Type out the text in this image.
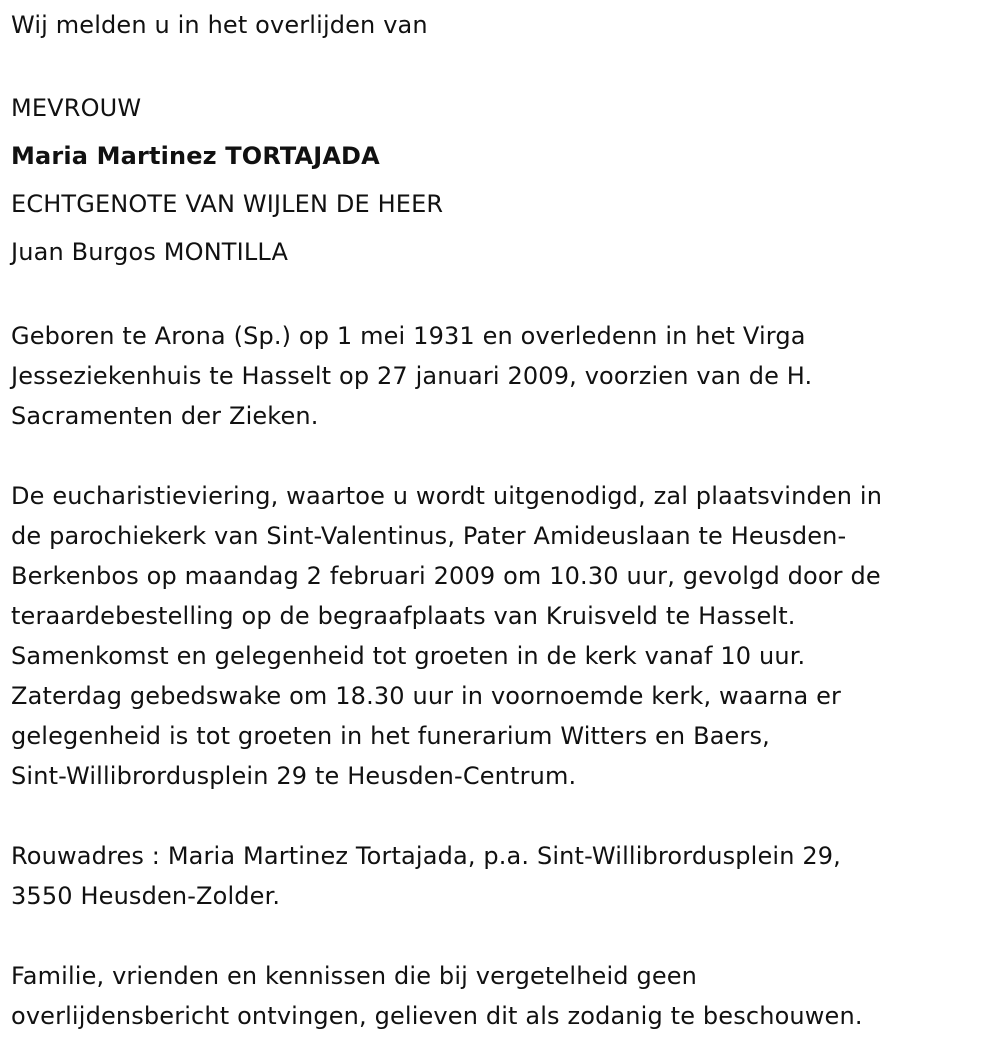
Wij melden u in het overlijden van
MEVROUW
Maria Martinez TORTAJADA
ECHTGENOTE VAN WIJLEN DE HEER
Juan Burgos MONTILLA
Geboren te Arona (Sp.) op 1 mei 1931 en overledenn in het Virga
Jesseziekenhuis te Hasselt op 27 januari 2009, voorzien van de H.
Sacramenten der Zieken.
De eucharistieviering, waartoe u wordt uitgenodigd, zal plaatsvinden in
de parochiekerk van Sint-Valentinus, Pater Amideuslaan te Heusden-
Berkenbos op maandag 2 februari 2009 om 10.30 uur, gevolgd door de
teraardebestelling op de begraafplaats van Kruisveld te Hasselt.
Samenkomst en gelegenheid tot groeten in de kerk vanaf 10 uur.
Zaterdag gebedswake om 18.30 uur in voornoemde kerk, waarna er
gelegenheid is tot groeten in het funerarium Witters en Baers,
Sint-Willibrordusplein 29 te Heusden-Centrum.
Rouwadres : Maria Martinez Tortajada, p.a. Sint-Willibrordusplein 29,
3550 Heusden-Zolder.
Familie, vrienden en kennissen die bij vergetelheid geen
overlijdensbericht ontvingen, gelieven dit als zodanig te beschouwen.
